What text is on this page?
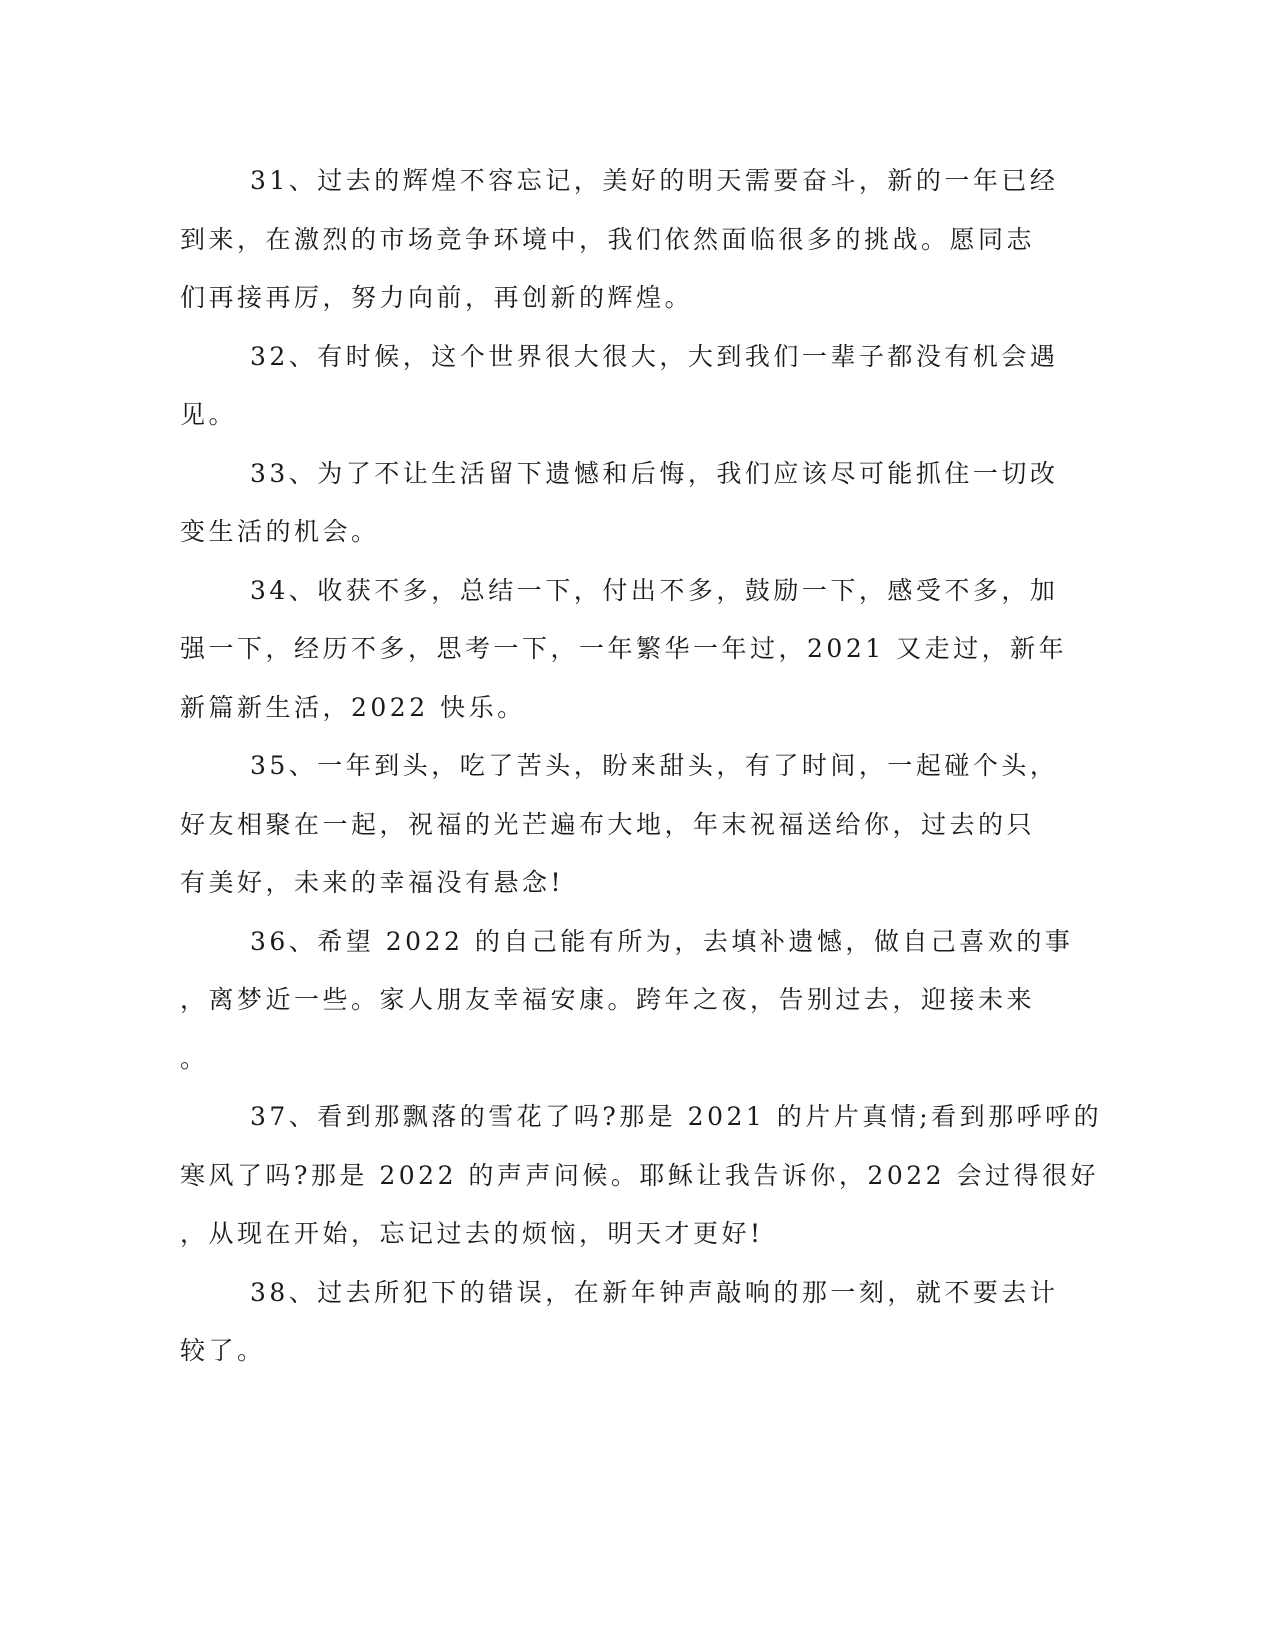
31、过去的辉煌不容忘记，美好的明天需要奋斗，新的一年已经
到来，在激烈的市场竞争环境中，我们依然面临很多的挑战。愿同志
们再接再厉，努力向前，再创新的辉煌。

32、有时候，这个世界很大很大，大到我们一辈子都没有机会遇
见。

33、为了不让生活留下遗憾和后悔，我们应该尽可能抓住一切改
变生活的机会。

34、收获不多，总结一下，付出不多，鼓励一下，感受不多，加
强一下，经历不多，思考一下，一年繁华一年过，2021 又走过，新年
新篇新生活，2022 快乐。

35、一年到头，吃了苦头，盼来甜头，有了时间，一起碰个头，
好友相聚在一起，祝福的光芒遍布大地，年末祝福送给你，过去的只
有美好，未来的幸福没有悬念!

36、希望 2022 的自己能有所为，去填补遗憾，做自己喜欢的事
，离梦近一些。家人朋友幸福安康。跨年之夜，告别过去，迎接未来
。

37、看到那飘落的雪花了吗?那是 2021 的片片真情;看到那呼呼的
寒风了吗?那是 2022 的声声问候。耶稣让我告诉你，2022 会过得很好
，从现在开始，忘记过去的烦恼，明天才更好!

38、过去所犯下的错误，在新年钟声敲响的那一刻，就不要去计
较了。
